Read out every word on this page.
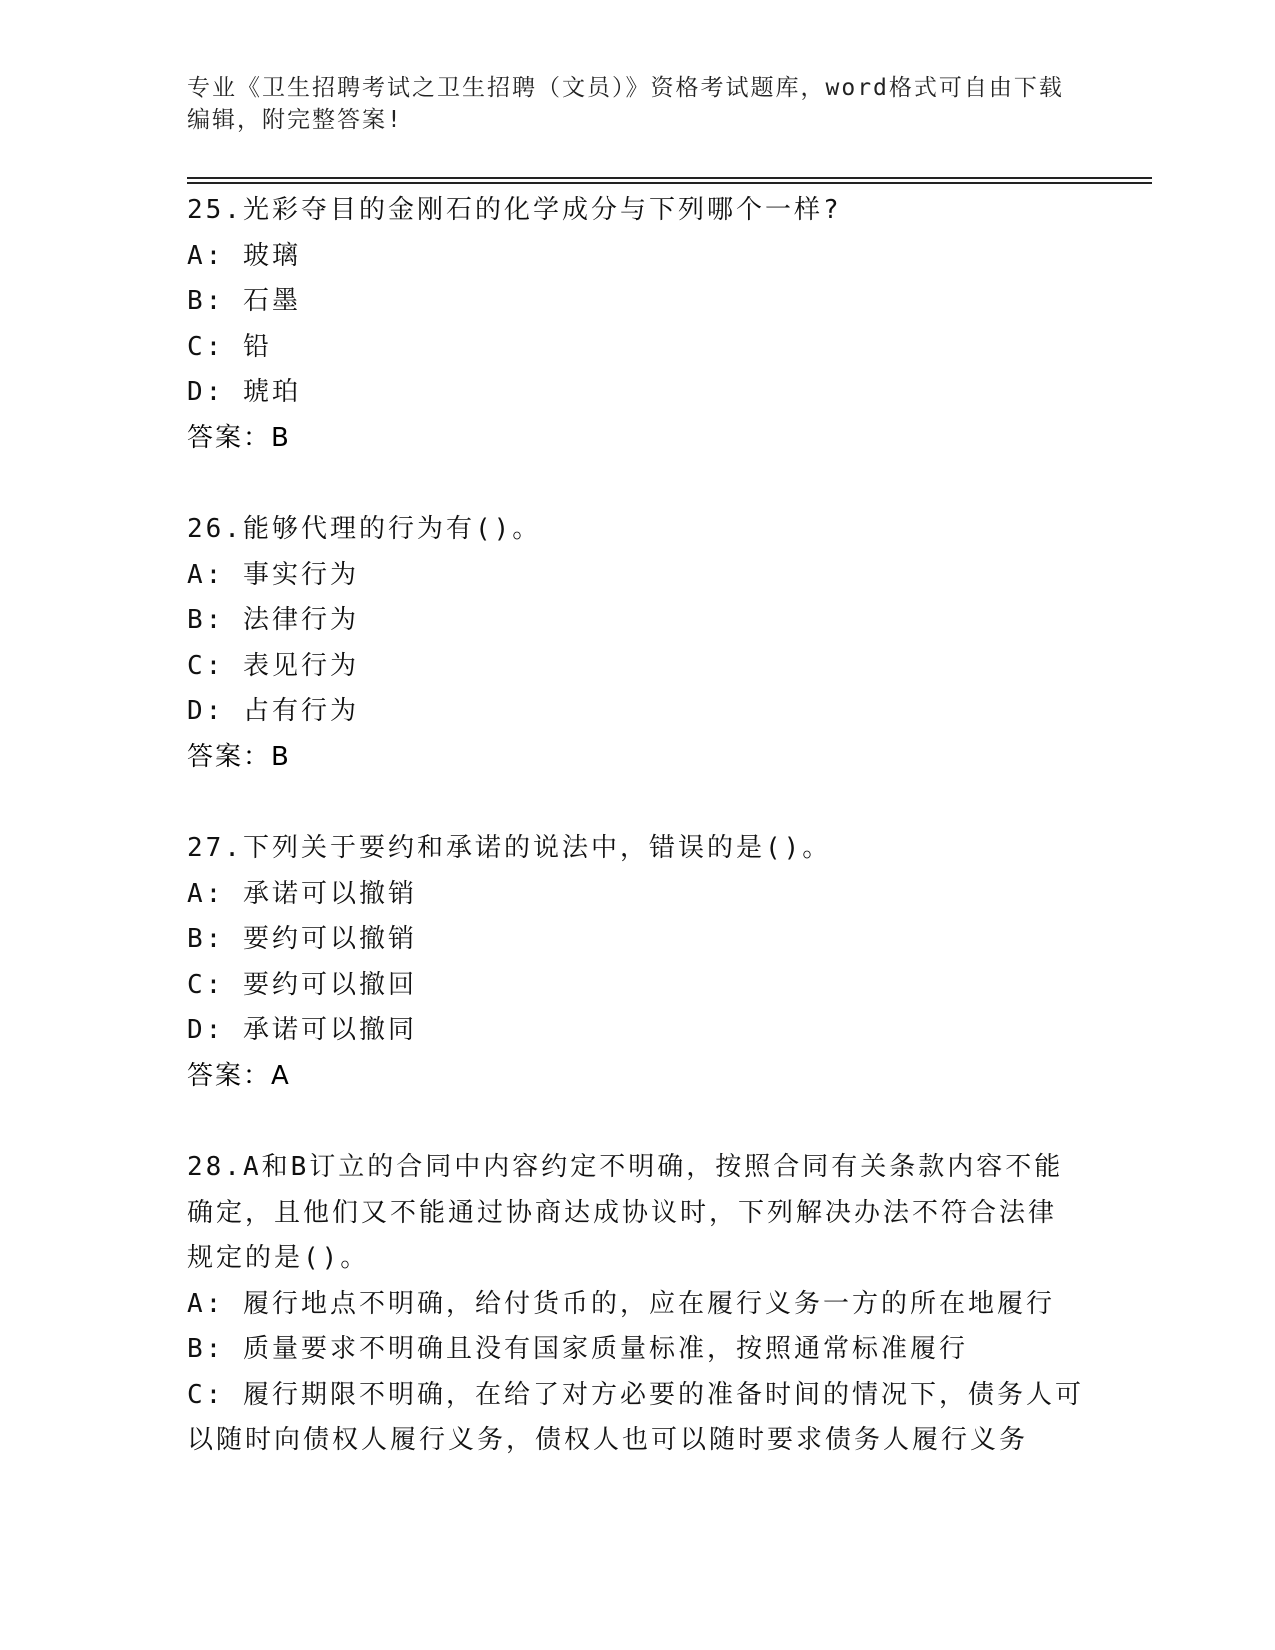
专业《卫生招聘考试之卫生招聘（文员）》资格考试题库，word格式可自由下载编辑，附完整答案!

25.光彩夺目的金刚石的化学成分与下列哪个一样?

A: 玻璃

B: 石墨

C: 铅

D: 琥珀

答案：B

26.能够代理的行为有()。

A: 事实行为

B: 法律行为

C: 表见行为

D: 占有行为

答案：B

27.下列关于要约和承诺的说法中，错误的是()。

A: 承诺可以撤销

B: 要约可以撤销

C: 要约可以撤回

D: 承诺可以撤同

答案：A

28.A和B订立的合同中内容约定不明确，按照合同有关条款内容不能确定，且他们又不能通过协商达成协议时，下列解决办法不符合法律规定的是()。

A: 履行地点不明确，给付货币的，应在履行义务一方的所在地履行

B: 质量要求不明确且没有国家质量标准，按照通常标准履行

C: 履行期限不明确，在给了对方必要的准备时间的情况下，债务人可以随时向债权人履行义务，债权人也可以随时要求债务人履行义务
